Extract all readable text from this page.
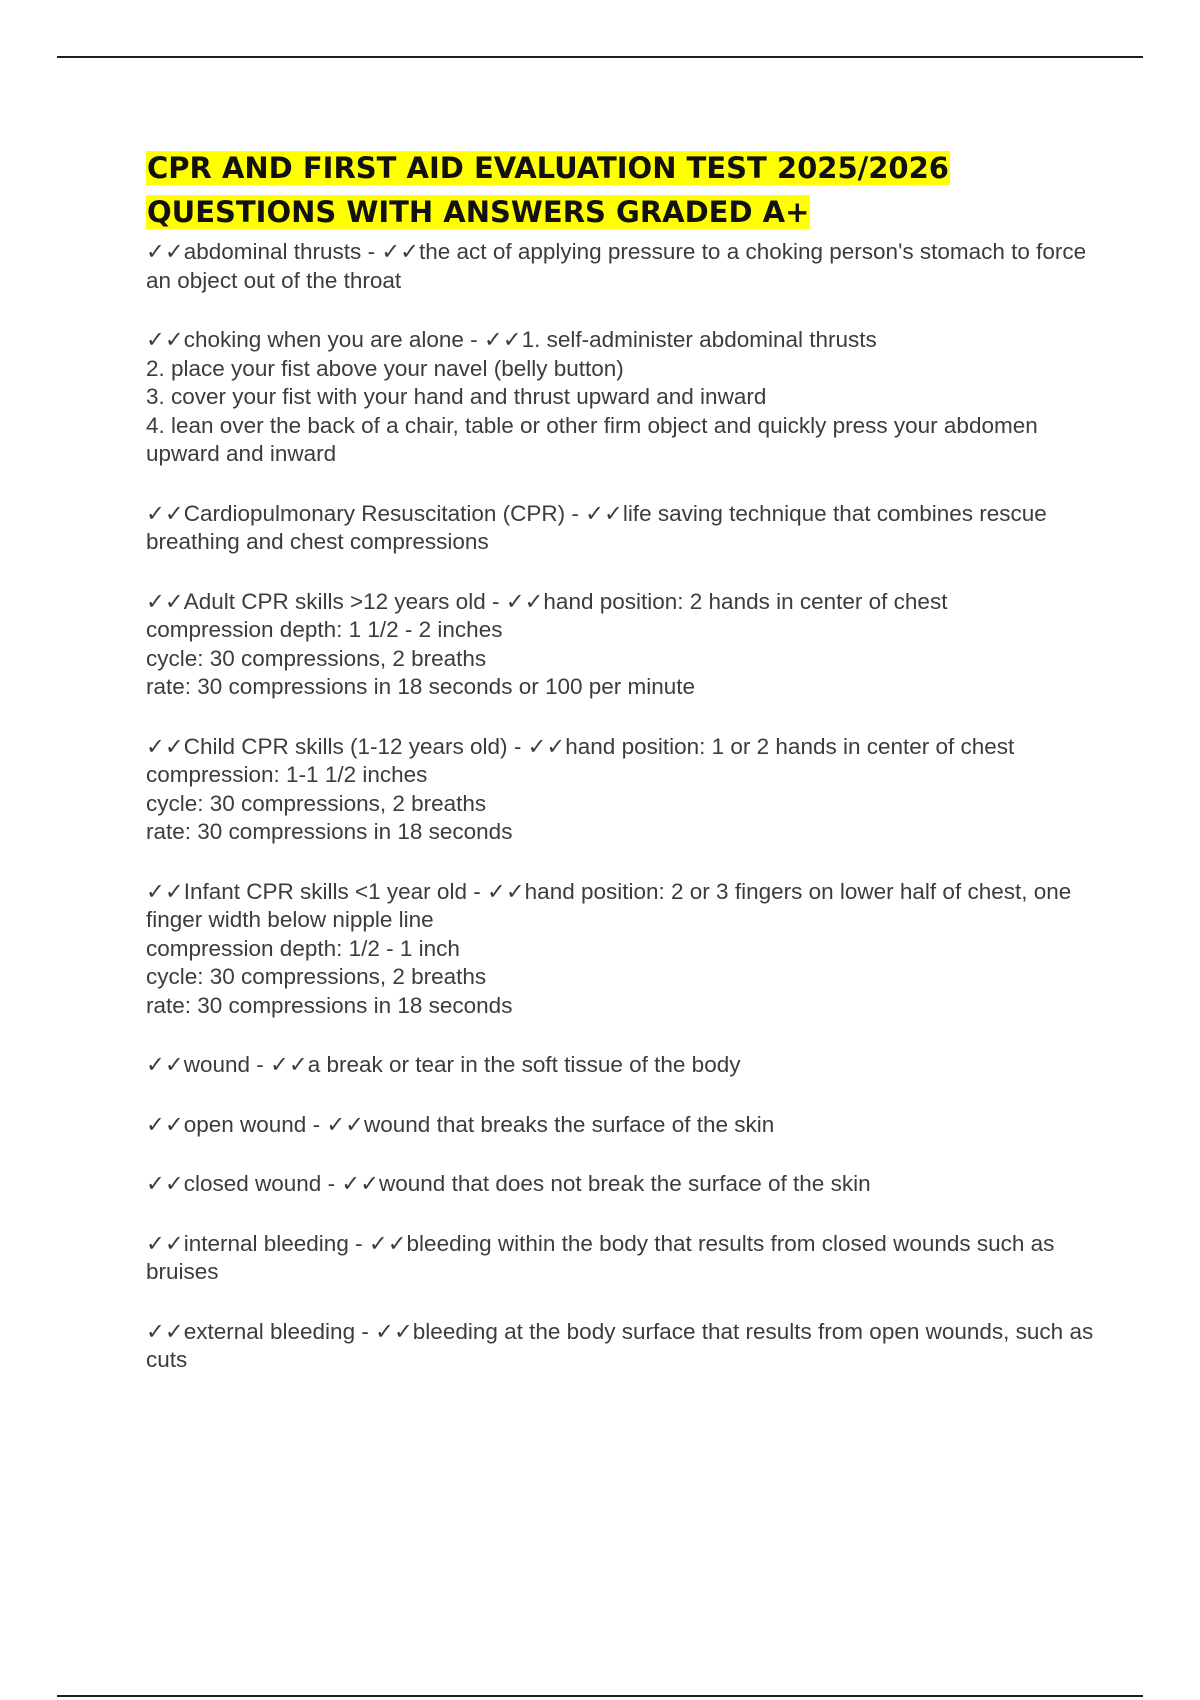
CPR AND FIRST AID EVALUATION TEST 2025/2026
QUESTIONS WITH ANSWERS GRADED A+
✓✓abdominal thrusts - ✓✓the act of applying pressure to a choking person's stomach to force an object out of the throat
✓✓choking when you are alone - ✓✓1. self-administer abdominal thrusts
2. place your fist above your navel (belly button)
3. cover your fist with your hand and thrust upward and inward
4. lean over the back of a chair, table or other firm object and quickly press your abdomen upward and inward
✓✓Cardiopulmonary Resuscitation (CPR) - ✓✓life saving technique that combines rescue breathing and chest compressions
✓✓Adult CPR skills >12 years old - ✓✓hand position: 2 hands in center of chest
compression depth: 1 1/2 - 2 inches
cycle: 30 compressions, 2 breaths
rate: 30 compressions in 18 seconds or 100 per minute
✓✓Child CPR skills (1-12 years old) - ✓✓hand position: 1 or 2 hands in center of chest
compression: 1-1 1/2 inches
cycle: 30 compressions, 2 breaths
rate: 30 compressions in 18 seconds
✓✓Infant CPR skills <1 year old - ✓✓hand position: 2 or 3 fingers on lower half of chest, one finger width below nipple line
compression depth: 1/2 - 1 inch
cycle: 30 compressions, 2 breaths
rate: 30 compressions in 18 seconds
✓✓wound - ✓✓a break or tear in the soft tissue of the body
✓✓open wound - ✓✓wound that breaks the surface of the skin
✓✓closed wound - ✓✓wound that does not break the surface of the skin
✓✓internal bleeding - ✓✓bleeding within the body that results from closed wounds such as bruises
✓✓external bleeding - ✓✓bleeding at the body surface that results from open wounds, such as cuts
